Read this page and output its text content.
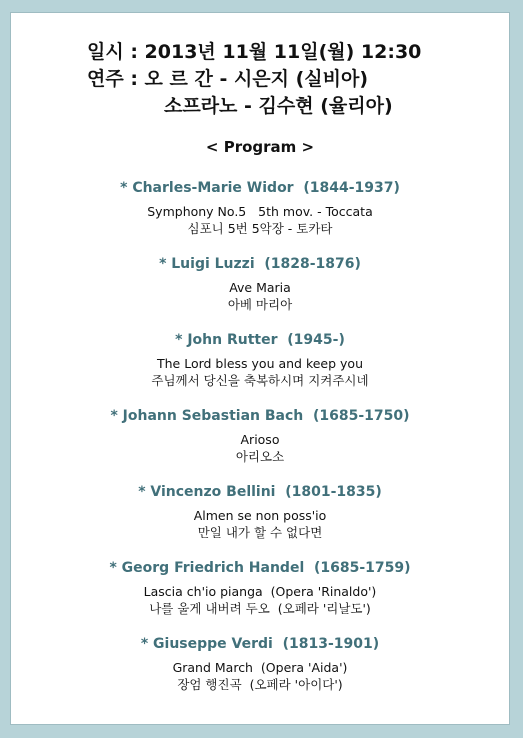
일시 : 2013년 11월 11일(월) 12:30
연주 : 오 르 간 - 시은지 (실비아)
소프라노 - 김수현 (율리아)
< Program >
* Charles-Marie Widor  (1844-1937)
Symphony No.5   5th mov. - Toccata
심포니 5번 5악장 - 토카타
* Luigi Luzzi  (1828-1876)
Ave Maria
아베 마리아
* John Rutter  (1945-)
The Lord bless you and keep you
주님께서 당신을 축복하시며 지켜주시네
* Johann Sebastian Bach  (1685-1750)
Arioso
아리오소
* Vincenzo Bellini  (1801-1835)
Almen se non poss'io
만일 내가 할 수 없다면
* Georg Friedrich Handel  (1685-1759)
Lascia ch'io pianga  (Opera 'Rinaldo')
나를 울게 내버려 두오  (오페라 '리날도')
* Giuseppe Verdi  (1813-1901)
Grand March  (Opera 'Aida')
장엄 행진곡  (오페라 '아이다')
